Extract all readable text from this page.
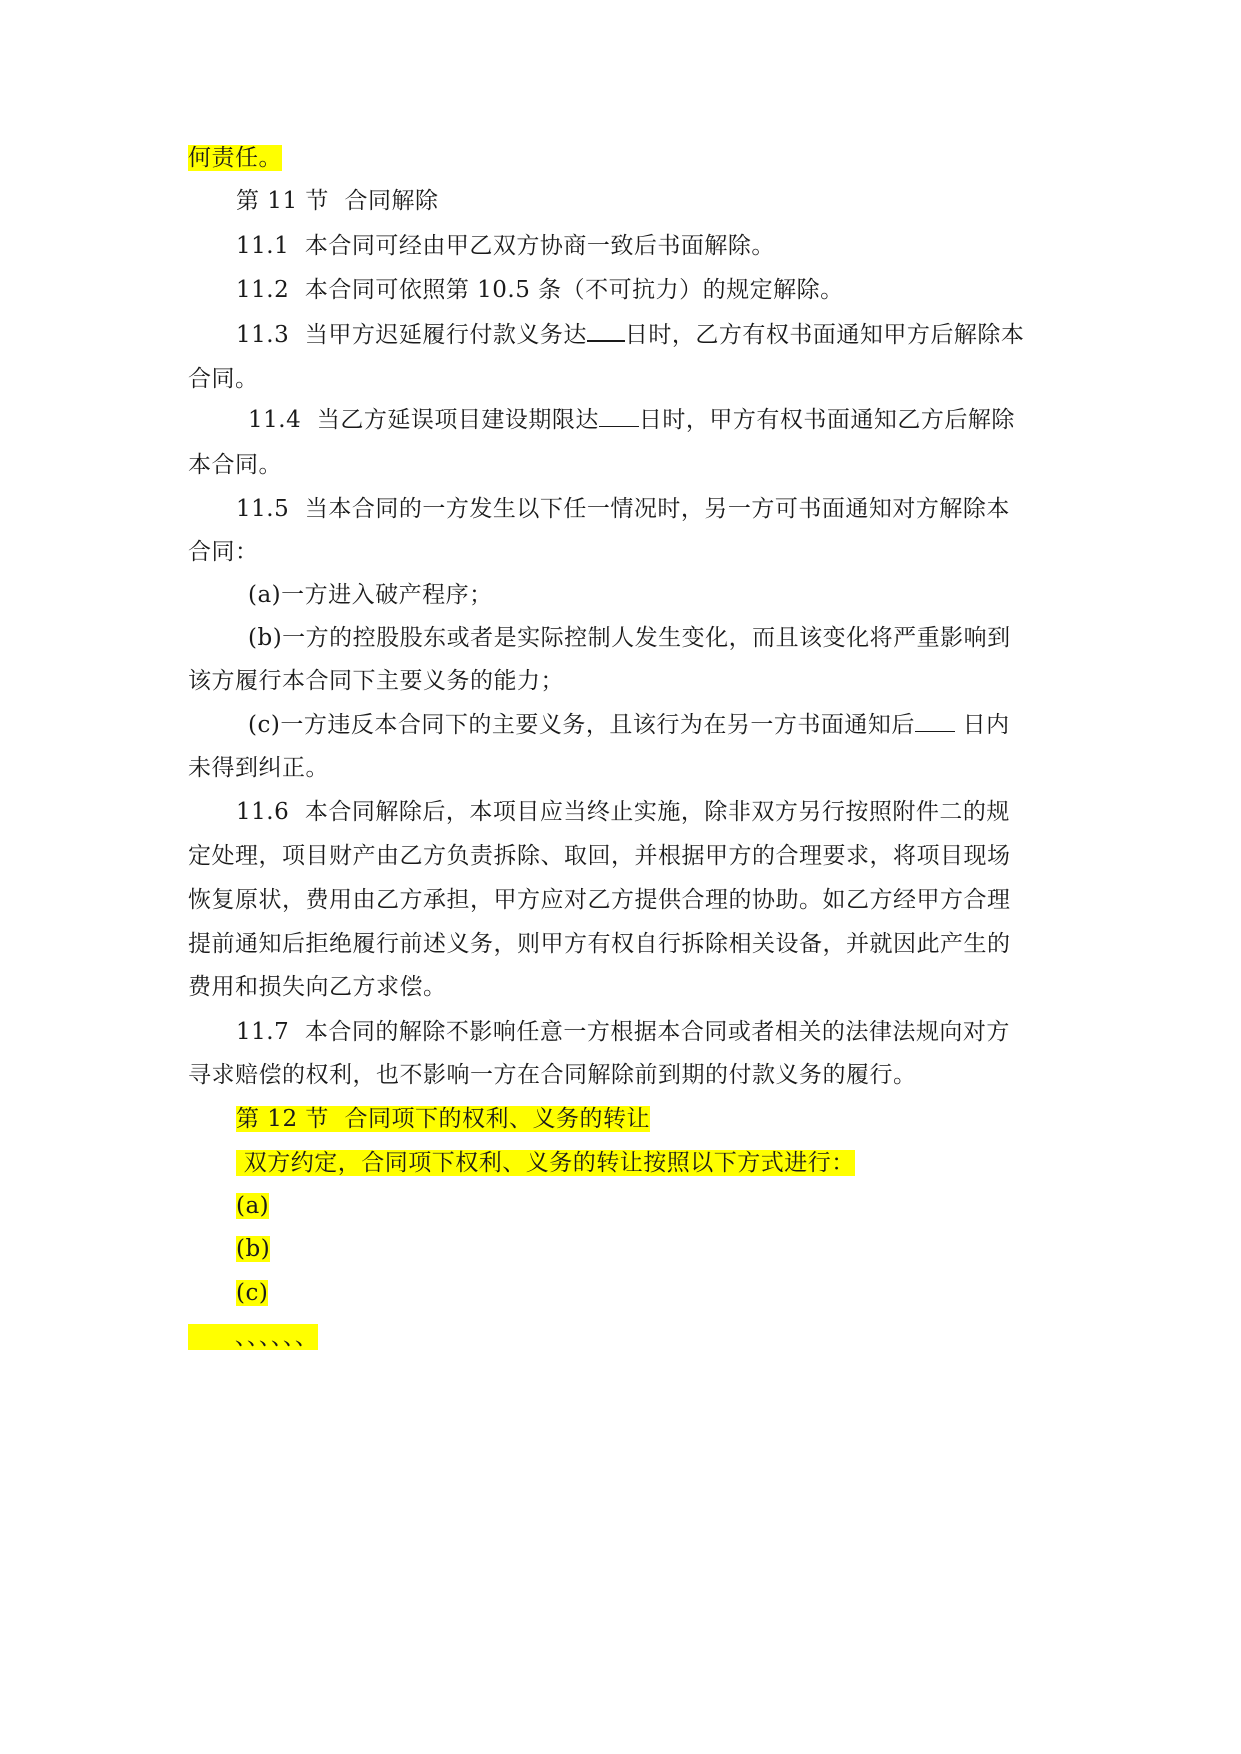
何责任。
第 11 节  合同解除
11.1  本合同可经由甲乙双方协商一致后书面解除。
11.2  本合同可依照第 10.5 条（不可抗力）的规定解除。
11.3  当甲方迟延履行付款义务达 日时，乙方有权书面通知甲方后解除本
合同。
11.4  当乙方延误项目建设期限达 日时，甲方有权书面通知乙方后解除
本合同。
11.5  当本合同的一方发生以下任一情况时，另一方可书面通知对方解除本
合同：
(a)一方进入破产程序；
(b)一方的控股股东或者是实际控制人发生变化，而且该变化将严重影响到
该方履行本合同下主要义务的能力；
(c)一方违反本合同下的主要义务，且该行为在另一方书面通知后 日内
未得到纠正。
11.6  本合同解除后，本项目应当终止实施，除非双方另行按照附件二的规
定处理，项目财产由乙方负责拆除、取回，并根据甲方的合理要求，将项目现场
恢复原状，费用由乙方承担，甲方应对乙方提供合理的协助。如乙方经甲方合理
提前通知后拒绝履行前述义务，则甲方有权自行拆除相关设备，并就因此产生的
费用和损失向乙方求偿。
11.7  本合同的解除不影响任意一方根据本合同或者相关的法律法规向对方
寻求赔偿的权利，也不影响一方在合同解除前到期的付款义务的履行。
第 12 节  合同项下的权利、义务的转让
双方约定，合同项下权利、义务的转让按照以下方式进行：
(a)
(b)
(c)
、、、、、、
